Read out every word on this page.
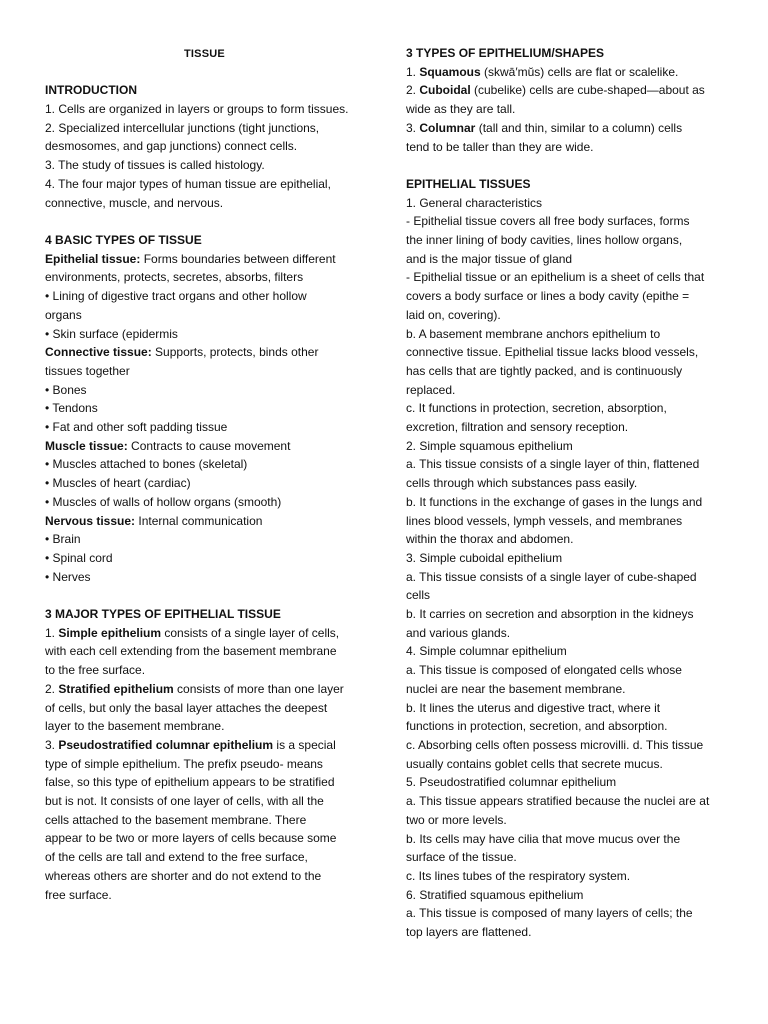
TISSUE

INTRODUCTION

1. Cells are organized in layers or groups to form tissues.

2. Specialized intercellular junctions (tight junctions,
desmosomes, and gap junctions) connect cells.

3. The study of tissues is called histology.

4. The four major types of human tissue are epithelial,
connective, muscle, and nervous.

4 BASIC TYPES OF TISSUE

Epithelial tissue: Forms boundaries between different
environments, protects, secretes, absorbs, filters

• Lining of digestive tract organs and other hollow
organs

• Skin surface (epidermis

Connective tissue: Supports, protects, binds other
tissues together

• Bones

• Tendons

• Fat and other soft padding tissue

Muscle tissue: Contracts to cause movement

• Muscles attached to bones (skeletal)

• Muscles of heart (cardiac)

• Muscles of walls of hollow organs (smooth)

Nervous tissue: Internal communication

• Brain

• Spinal cord

• Nerves

3 MAJOR TYPES OF EPITHELIAL TISSUE

1. Simple epithelium consists of a single layer of cells,
with each cell extending from the basement membrane
to the free surface.

2. Stratified epithelium consists of more than one layer
of cells, but only the basal layer attaches the deepest
layer to the basement membrane.

3. Pseudostratified columnar epithelium is a special
type of simple epithelium. The prefix pseudo- means
false, so this type of epithelium appears to be stratified
but is not. It consists of one layer of cells, with all the
cells attached to the basement membrane. There
appear to be two or more layers of cells because some
of the cells are tall and extend to the free surface,
whereas others are shorter and do not extend to the
free surface.

3 TYPES OF EPITHELIUM/SHAPES

1. Squamous (skwā′mŭs) cells are flat or scalelike.

2. Cuboidal (cubelike) cells are cube-shaped—about as
wide as they are tall.

3. Columnar (tall and thin, similar to a column) cells
tend to be taller than they are wide.

EPITHELIAL TISSUES

1. General characteristics

- Epithelial tissue covers all free body surfaces, forms
the inner lining of body cavities, lines hollow organs,
and is the major tissue of gland

- Epithelial tissue or an epithelium is a sheet of cells that
covers a body surface or lines a body cavity (epithe =
laid on, covering).

b. A basement membrane anchors epithelium to
connective tissue. Epithelial tissue lacks blood vessels,
has cells that are tightly packed, and is continuously
replaced.

c. It functions in protection, secretion, absorption,
excretion, filtration and sensory reception.

2. Simple squamous epithelium

a. This tissue consists of a single layer of thin, flattened
cells through which substances pass easily.

b. It functions in the exchange of gases in the lungs and
lines blood vessels, lymph vessels, and membranes
within the thorax and abdomen.

3. Simple cuboidal epithelium

a. This tissue consists of a single layer of cube-shaped
cells

b. It carries on secretion and absorption in the kidneys
and various glands.

4. Simple columnar epithelium

a. This tissue is composed of elongated cells whose
nuclei are near the basement membrane.

b. It lines the uterus and digestive tract, where it
functions in protection, secretion, and absorption.

c. Absorbing cells often possess microvilli. d. This tissue
usually contains goblet cells that secrete mucus.

5. Pseudostratified columnar epithelium

a. This tissue appears stratified because the nuclei are at
two or more levels.

b. Its cells may have cilia that move mucus over the
surface of the tissue.

c. Its lines tubes of the respiratory system.

6. Stratified squamous epithelium

a. This tissue is composed of many layers of cells; the
top layers are flattened.
